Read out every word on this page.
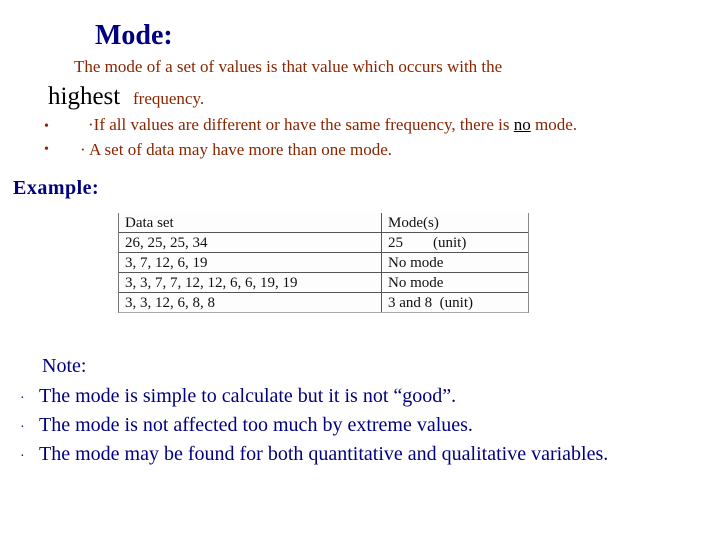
Mode:
The mode of a set of values is that value which occurs with the
highest frequency.
• ·If all values are different or have the same frequency, there is no mode.
• · A set of data may have more than one mode.
Example:
Data set	Mode(s)
26, 25, 25, 34	25        (unit)
3, 7, 12, 6, 19	No mode
3, 3, 7, 7, 12, 12, 6, 6, 19, 19	No mode
3, 3, 12, 6, 8, 8	3 and 8  (unit)
Note:
· The mode is simple to calculate but it is not “good”.
· The mode is not affected too much by extreme values.
· The mode may be found for both quantitative and qualitative variables.
